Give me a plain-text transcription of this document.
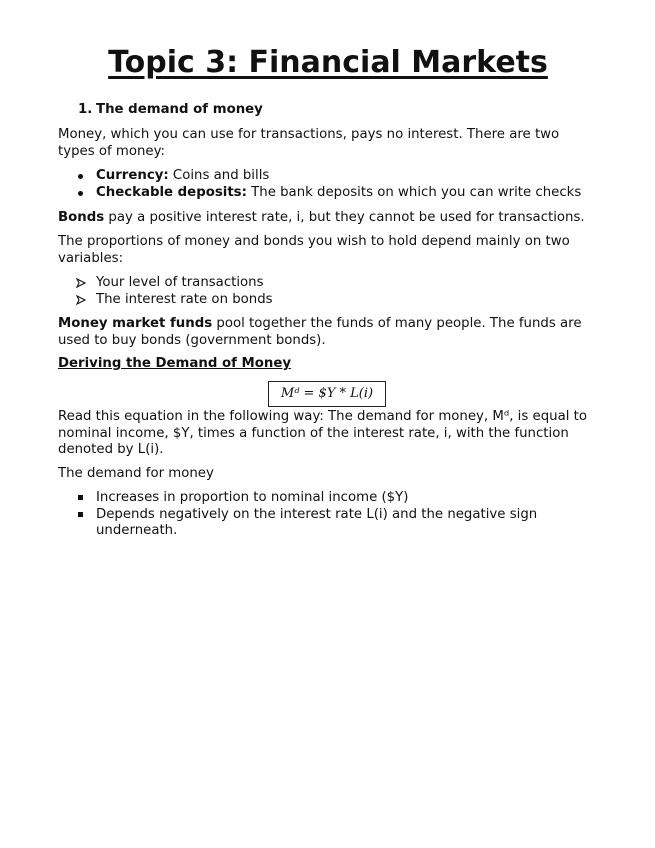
Topic 3: Financial Markets

1. The demand of money

Money, which you can use for transactions, pays no interest. There are two types of money:

Currency: Coins and bills
Checkable deposits: The bank deposits on which you can write checks

Bonds pay a positive interest rate, i, but they cannot be used for transactions.

The proportions of money and bonds you wish to hold depend mainly on two variables:

Your level of transactions
The interest rate on bonds

Money market funds pool together the funds of many people. The funds are used to buy bonds (government bonds).

Deriving the Demand of Money

Mᵈ = $Y * L(i)

Read this equation in the following way: The demand for money, Mᵈ, is equal to nominal income, $Y, times a function of the interest rate, i, with the function denoted by L(i).

The demand for money

Increases in proportion to nominal income ($Y)
Depends negatively on the interest rate L(i) and the negative sign underneath.
